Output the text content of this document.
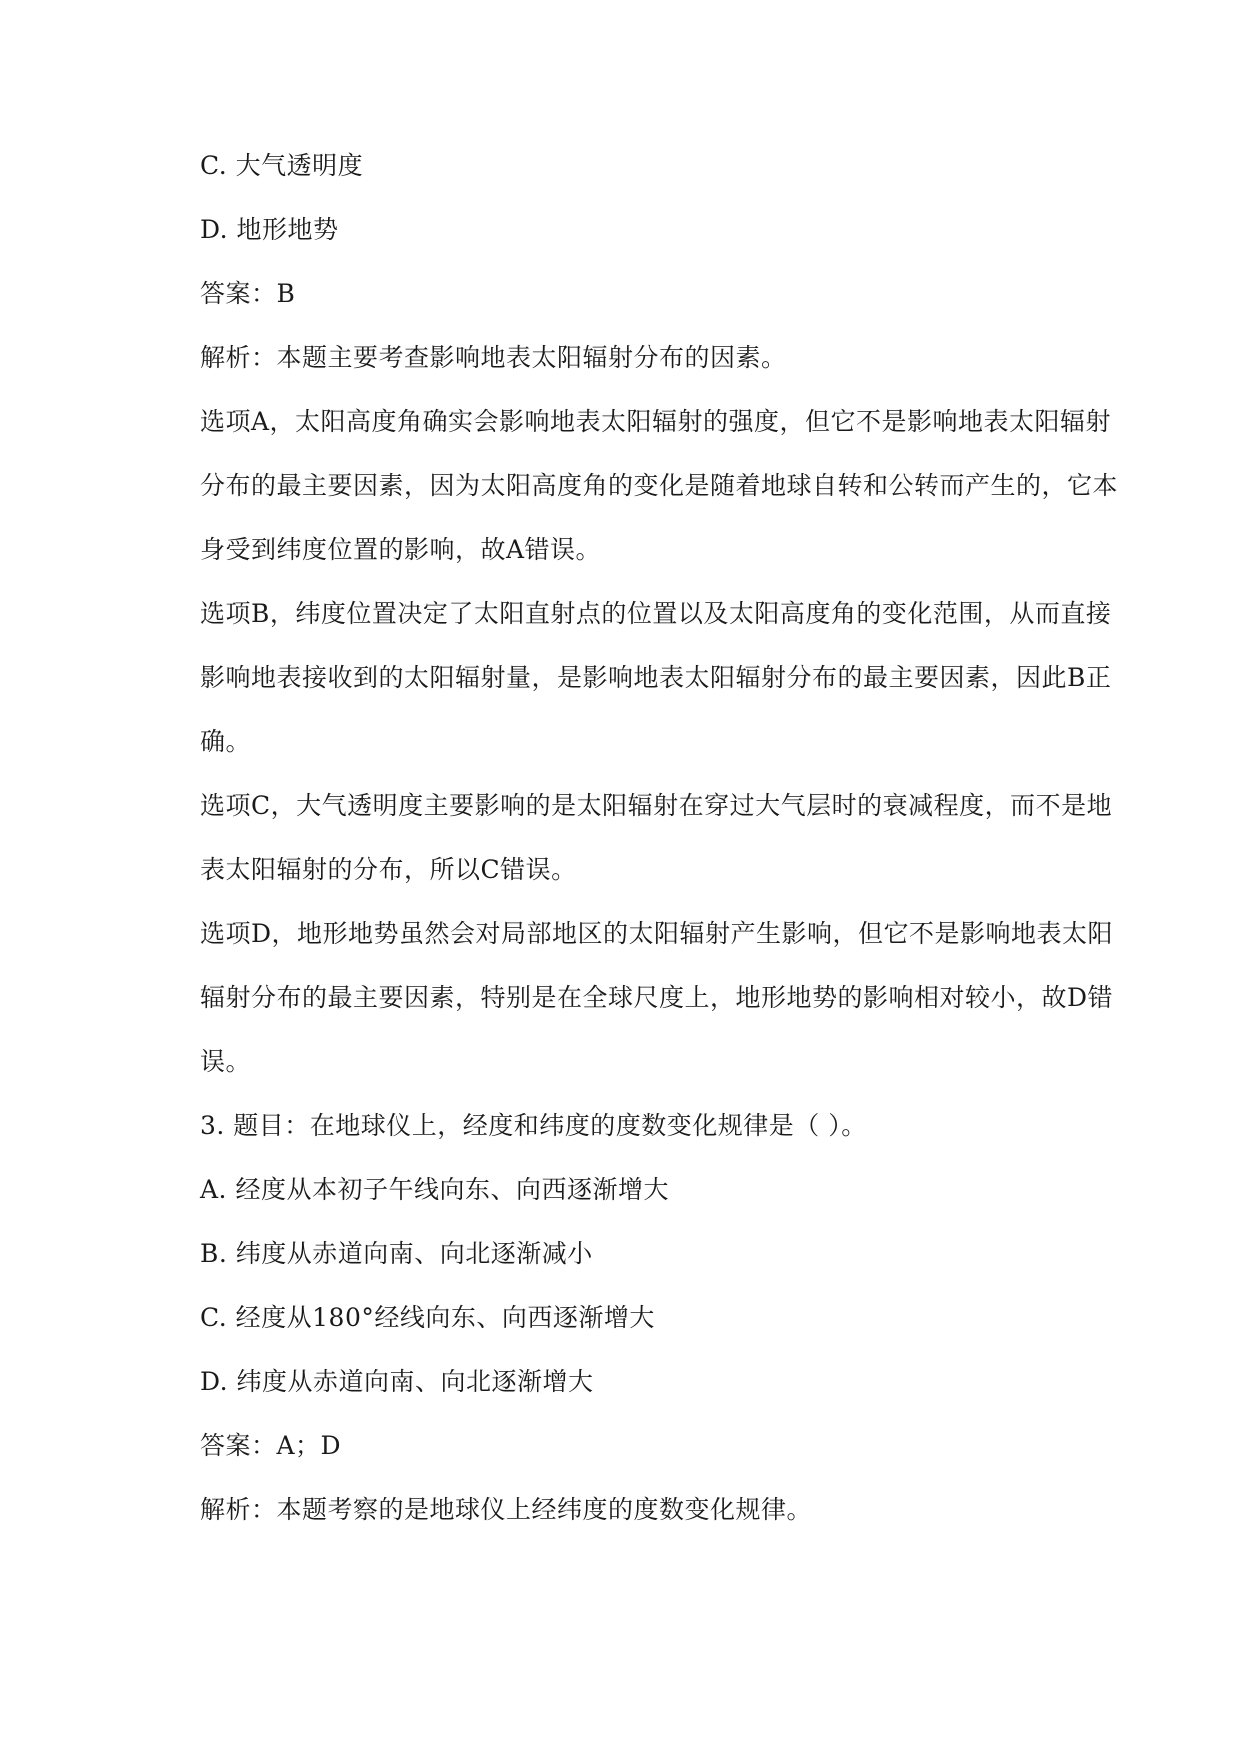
C. 大气透明度
D. 地形地势
答案：B
解析：本题主要考查影响地表太阳辐射分布的因素。
选项A，太阳高度角确实会影响地表太阳辐射的强度，但它不是影响地表太阳辐射
分布的最主要因素，因为太阳高度角的变化是随着地球自转和公转而产生的，它本
身受到纬度位置的影响，故A错误。
选项B，纬度位置决定了太阳直射点的位置以及太阳高度角的变化范围，从而直接
影响地表接收到的太阳辐射量，是影响地表太阳辐射分布的最主要因素，因此B正
确。
选项C，大气透明度主要影响的是太阳辐射在穿过大气层时的衰减程度，而不是地
表太阳辐射的分布，所以C错误。
选项D，地形地势虽然会对局部地区的太阳辐射产生影响，但它不是影响地表太阳
辐射分布的最主要因素，特别是在全球尺度上，地形地势的影响相对较小，故D错
误。
3. 题目：在地球仪上，经度和纬度的度数变化规律是（ ）。
A. 经度从本初子午线向东、向西逐渐增大
B. 纬度从赤道向南、向北逐渐减小
C. 经度从180°经线向东、向西逐渐增大
D. 纬度从赤道向南、向北逐渐增大
答案：A；D
解析：本题考察的是地球仪上经纬度的度数变化规律。
